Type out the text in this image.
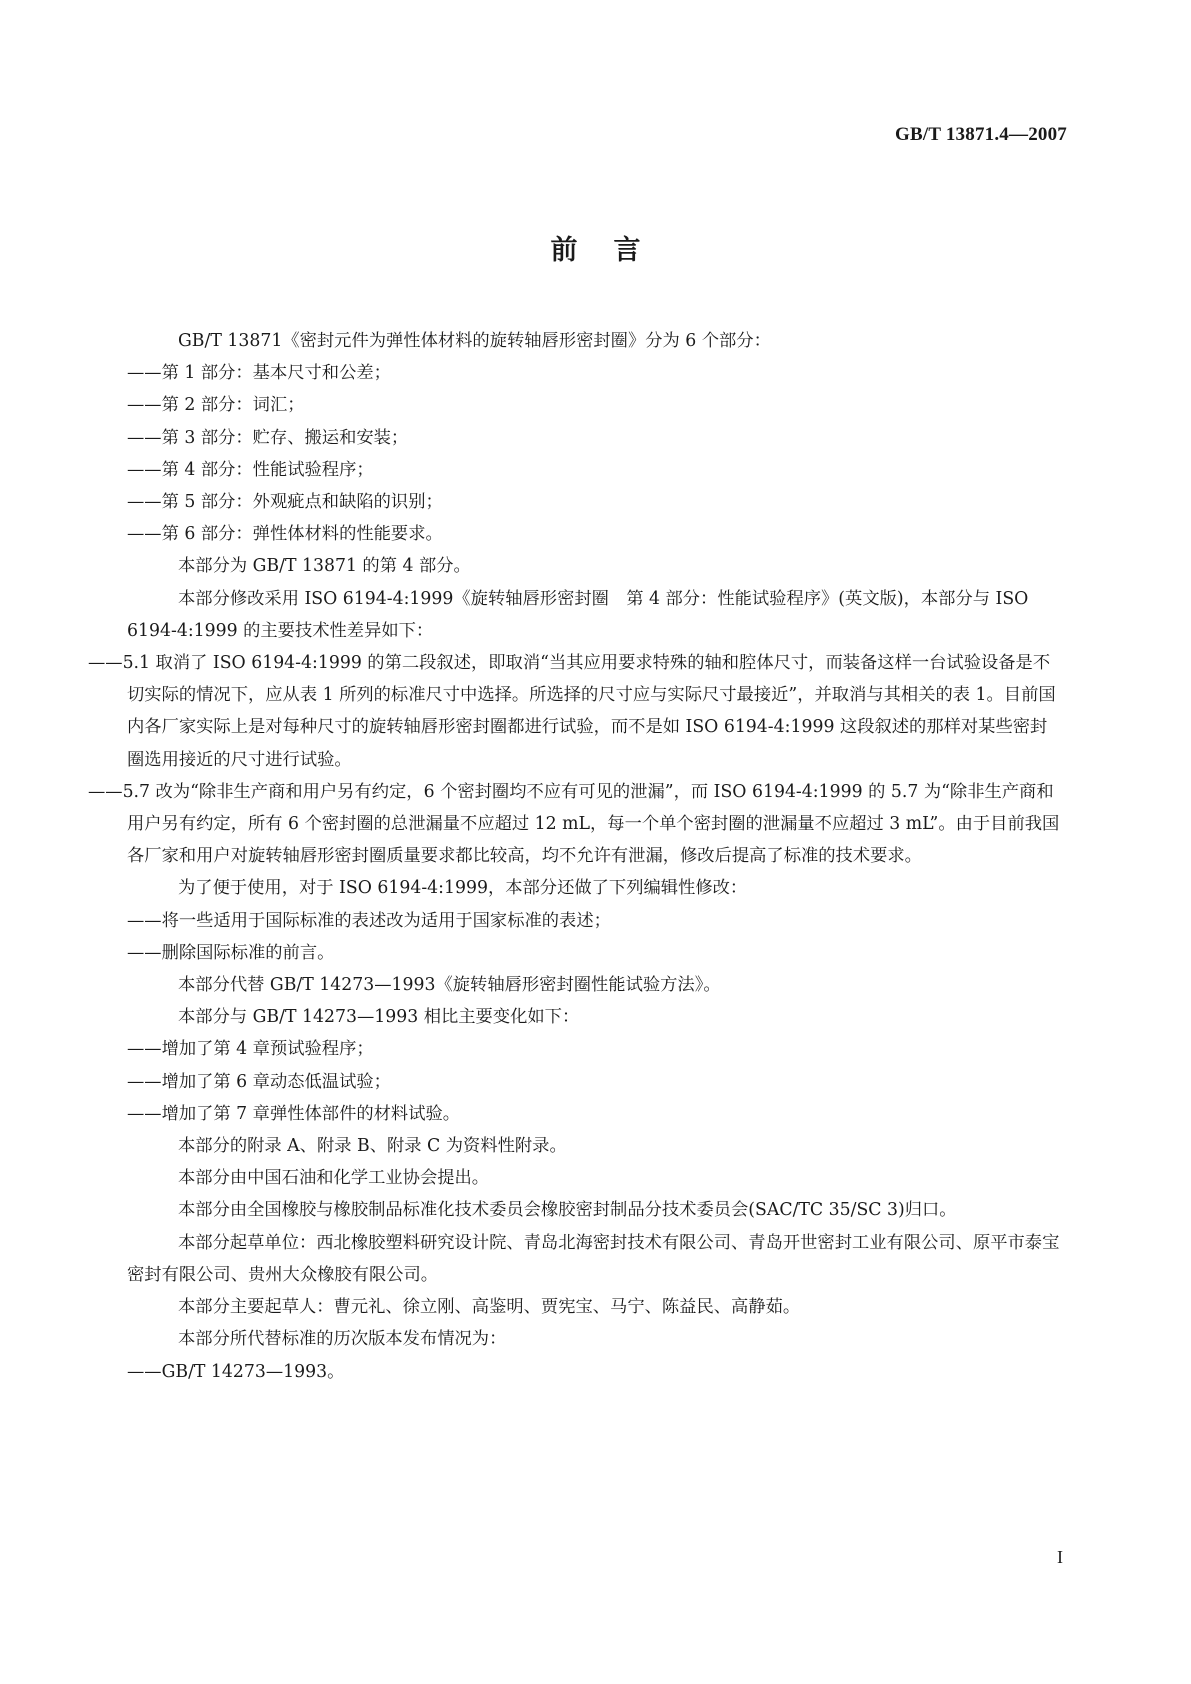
GB/T 13871.4—2007
前言

GB/T 13871《密封元件为弹性体材料的旋转轴唇形密封圈》分为 6 个部分：

——第 1 部分：基本尺寸和公差；

——第 2 部分：词汇；

——第 3 部分：贮存、搬运和安装；

——第 4 部分：性能试验程序；

——第 5 部分：外观疵点和缺陷的识别；

——第 6 部分：弹性体材料的性能要求。

本部分为 GB/T 13871 的第 4 部分。

本部分修改采用 ISO 6194-4:1999《旋转轴唇形密封圈　第 4 部分：性能试验程序》(英文版)，本部分与 ISO 6194-4:1999 的主要技术性差异如下：

——5.1 取消了 ISO 6194-4:1999 的第二段叙述，即取消“当其应用要求特殊的轴和腔体尺寸，而装备这样一台试验设备是不切实际的情况下，应从表 1 所列的标准尺寸中选择。所选择的尺寸应与实际尺寸最接近”，并取消与其相关的表 1。目前国内各厂家实际上是对每种尺寸的旋转轴唇形密封圈都进行试验，而不是如 ISO 6194-4:1999 这段叙述的那样对某些密封圈选用接近的尺寸进行试验。

——5.7 改为“除非生产商和用户另有约定，6 个密封圈均不应有可见的泄漏”，而 ISO 6194-4:1999 的 5.7 为“除非生产商和用户另有约定，所有 6 个密封圈的总泄漏量不应超过 12 mL，每一个单个密封圈的泄漏量不应超过 3 mL”。由于目前我国各厂家和用户对旋转轴唇形密封圈质量要求都比较高，均不允许有泄漏，修改后提高了标准的技术要求。

为了便于使用，对于 ISO 6194-4:1999，本部分还做了下列编辑性修改：

——将一些适用于国际标准的表述改为适用于国家标准的表述；

——删除国际标准的前言。

本部分代替 GB/T 14273—1993《旋转轴唇形密封圈性能试验方法》。

本部分与 GB/T 14273—1993 相比主要变化如下：

——增加了第 4 章预试验程序；

——增加了第 6 章动态低温试验；

——增加了第 7 章弹性体部件的材料试验。

本部分的附录 A、附录 B、附录 C 为资料性附录。

本部分由中国石油和化学工业协会提出。

本部分由全国橡胶与橡胶制品标准化技术委员会橡胶密封制品分技术委员会(SAC/TC 35/SC 3)归口。

本部分起草单位：西北橡胶塑料研究设计院、青岛北海密封技术有限公司、青岛开世密封工业有限公司、原平市泰宝密封有限公司、贵州大众橡胶有限公司。

本部分主要起草人：曹元礼、徐立刚、高鉴明、贾宪宝、马宁、陈益民、高静茹。

本部分所代替标准的历次版本发布情况为：

——GB/T 14273—1993。

I
